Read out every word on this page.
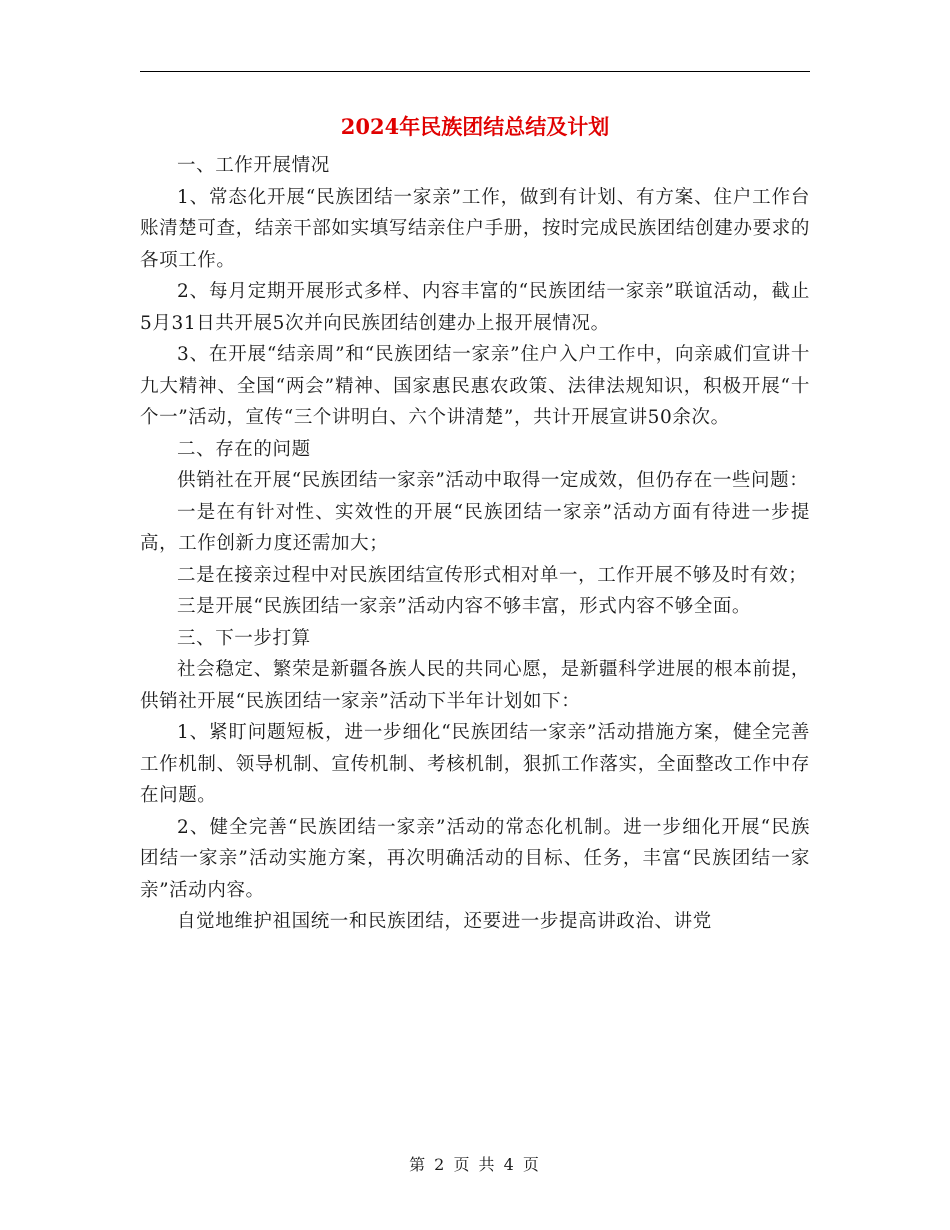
2024年民族团结总结及计划

一、工作开展情况

1、常态化开展“民族团结一家亲”工作，做到有计划、有方案、住户工作台账清楚可查，结亲干部如实填写结亲住户手册，按时完成民族团结创建办要求的各项工作。

2、每月定期开展形式多样、内容丰富的“民族团结一家亲”联谊活动，截止5月31日共开展5次并向民族团结创建办上报开展情况。

3、在开展“结亲周”和“民族团结一家亲”住户入户工作中，向亲戚们宣讲十九大精神、全国“两会”精神、国家惠民惠农政策、法律法规知识，积极开展“十个一”活动，宣传“三个讲明白、六个讲清楚”，共计开展宣讲50余次。

二、存在的问题

供销社在开展“民族团结一家亲”活动中取得一定成效，但仍存在一些问题：

一是在有针对性、实效性的开展“民族团结一家亲”活动方面有待进一步提高，工作创新力度还需加大；

二是在接亲过程中对民族团结宣传形式相对单一，工作开展不够及时有效；

三是开展“民族团结一家亲”活动内容不够丰富，形式内容不够全面。

三、下一步打算

社会稳定、繁荣是新疆各族人民的共同心愿，是新疆科学进展的根本前提，供销社开展“民族团结一家亲”活动下半年计划如下：

1、紧盯问题短板，进一步细化“民族团结一家亲”活动措施方案，健全完善工作机制、领导机制、宣传机制、考核机制，狠抓工作落实，全面整改工作中存在问题。

2、健全完善“民族团结一家亲”活动的常态化机制。进一步细化开展“民族团结一家亲”活动实施方案，再次明确活动的目标、任务，丰富“民族团结一家亲”活动内容。

自觉地维护祖国统一和民族团结，还要进一步提高讲政治、讲党

第 2 页 共 4 页
